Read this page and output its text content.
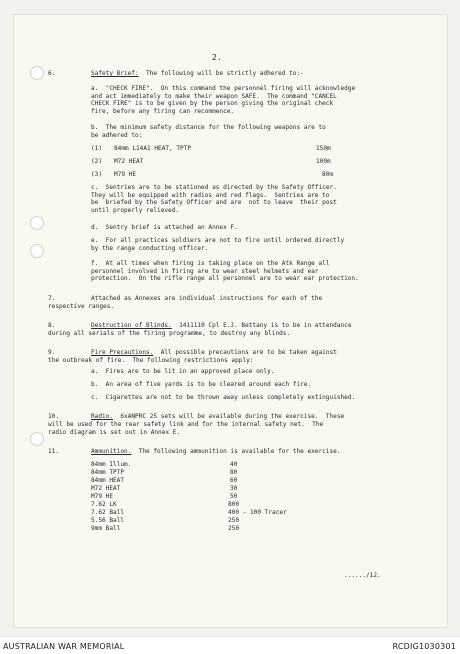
2.
6.	Safety Brief: The following will be strictly adhered to:-
a.  "CHECK FIRE".  On this command the personnel firing will acknowledge
and act immediately to make their weapon SAFE.  The command "CANCEL
CHECK FIRE" is to be given by the person giving the original check
fire, before any firing can recommence.
b.  The minimum safety distance for the following weapons are to
be adhered to:
(1) 84mm L14A1 HEAT, TPTP	150m
(2) M72 HEAT	100m
(3) M79 HE	80m
c.  Sentries are to be stationed as directed by the Safety Officer.
They will be equipped with radios and red flags.  Sentries are to
be  briefed by the Safety Officer and are  not to leave  their post
until properly relieved.
d.  Sentry brief is attached an Annex F.
e.  For all practices soldiers are not to fire until ordered directly
by the range conducting officer.
f.  At all times when firing is taking place on the Atk Range all
personnel involved in firing are to wear steel helmets and ear
protection.  On the rifle range all personnel are to wear ear protection.
7.	Attached as Annexes are individual instructions for each of the
respective ranges.
8.	Destruction of Blinds. 1411110 Cpl E.J. Bettany is to be in attendance
during all serials of the firing programme, to destroy any blinds.
9.	Fire Precautions. All possible precautions are to be taken against
the outbreak of fire.  The following restrictions apply:
a.  Fires are to be lit in an approved place only.
b.  An area of five yards is to be cleared around each fire.
c.  Cigarettes are not to be thrown away unless completely extinguished.
10.	Radio. 6xANPRC 25 sets will be available during the exercise.  These
will be used for the rear safety link and for the internal safety net.  The
radio diagram is set out in Annex E.
11.	Ammunition. The following ammunition is available for the exercise.
84mm Illum.	40
84mm TPTP	80
84mm HEAT	60
M72 HEAT	30
M79 HE	50
7.62 LK	800
7.62 Ball	400 - 100 Tracer
5.56 Ball	250
9mm Ball	250
....../12.
AUSTRALIAN WAR MEMORIAL	RCDIG1030301
